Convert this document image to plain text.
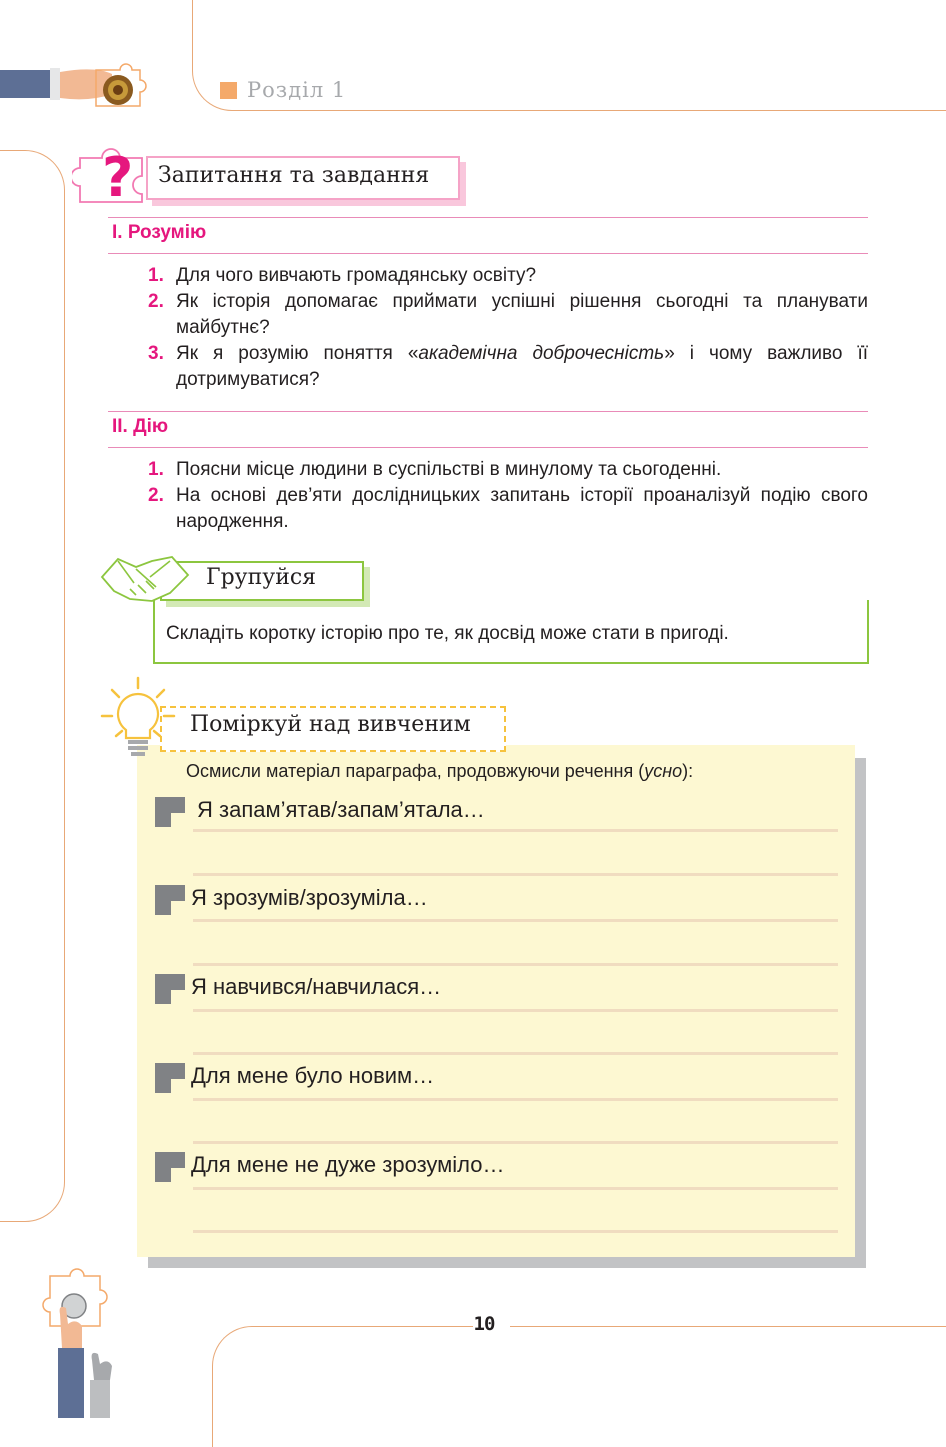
Розділ 1
? Запитання та завдання
І. Розумію
1. Для чого вивчають громадянську освіту?
2. Як історія допомагає приймати успішні рішення сьогодні та планувати майбутнє?
3. Як я розумію поняття «академічна доброчесність» і чому важливо її дотримуватися?
ІІ. Дію
1. Поясни місце людини в суспільстві в минулому та сьогоденні.
2. На основі дев’яти дослідницьких запитань історії проаналізуй подію свого народження.
Групуйся
Складіть коротку історію про те, як досвід може стати в пригоді.
Поміркуй над вивченим
Осмисли матеріал параграфа, продовжуючи речення (усно):
Я запам’ятав/запам’ятала…
Я зрозумів/зрозуміла…
Я навчився/навчилася…
Для мене було новим…
Для мене не дуже зрозуміло…
10
